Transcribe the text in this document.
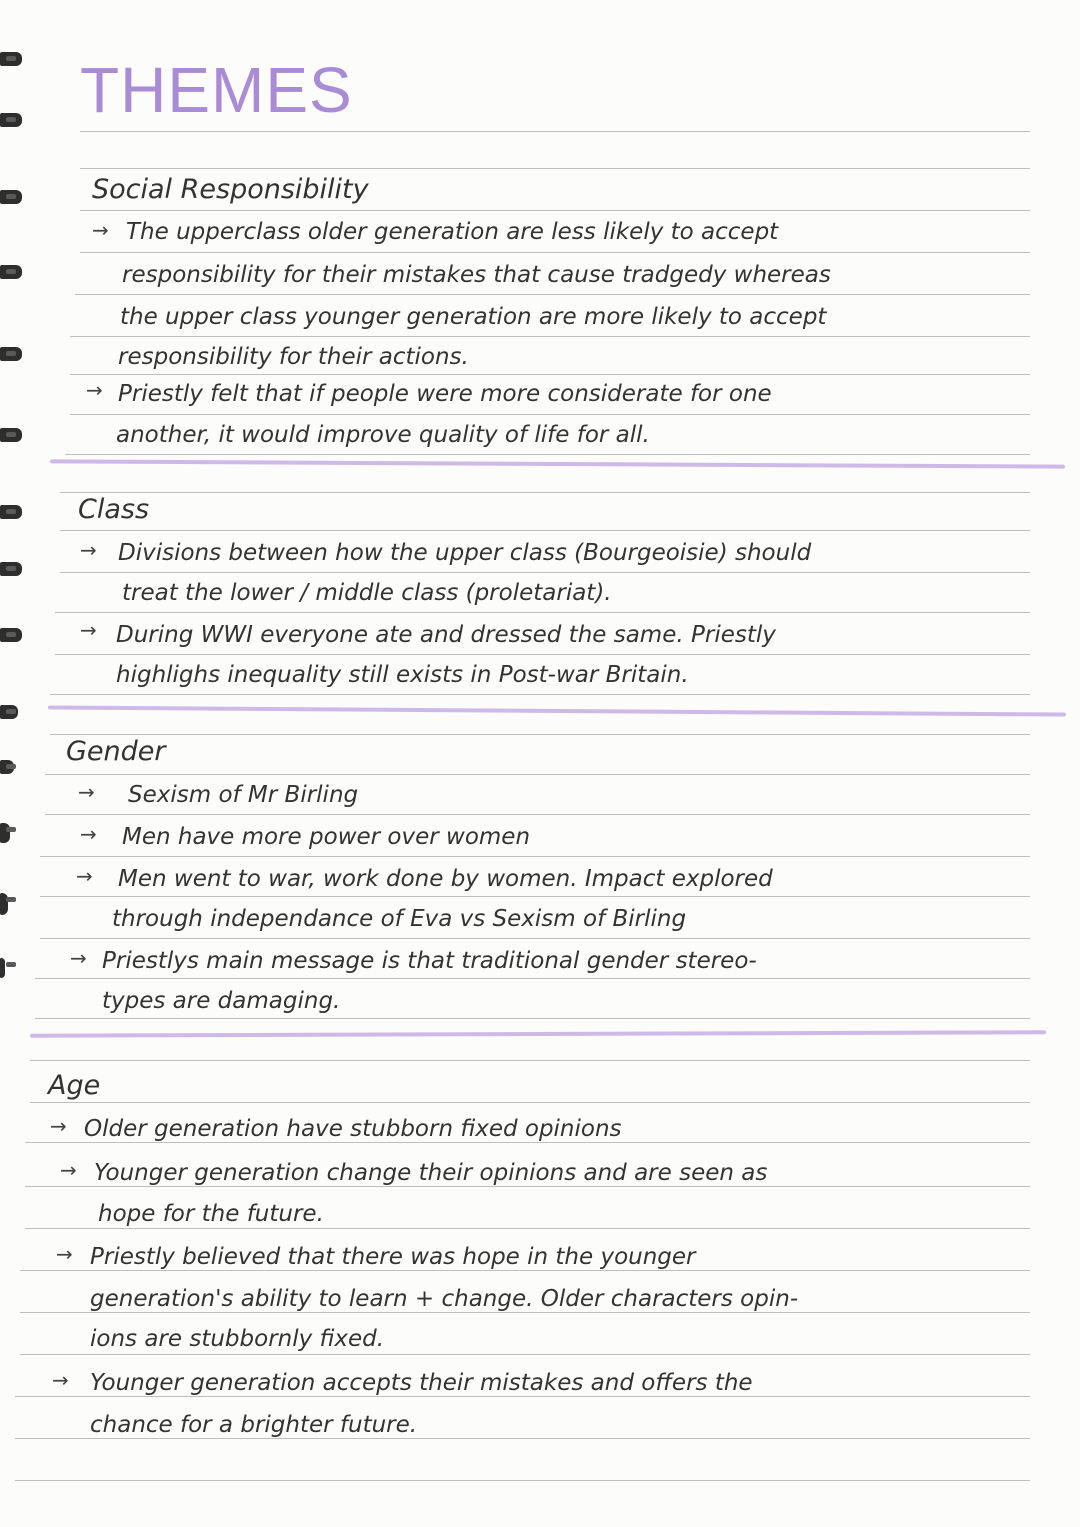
THEMES
Social Responsibility
→ The upperclass older generation are less likely to accept
responsibility for their mistakes that cause tradgedy whereas
the upper class younger generation are more likely to accept
responsibility for their actions.
→ Priestly felt that if people were more considerate for one
another, it would improve quality of life for all.
Class
→ Divisions between how the upper class (Bourgeoisie) should
treat the lower / middle class (proletariat).
→ During WWI everyone ate and dressed the same. Priestly
highlighs inequality still exists in Post-war Britain.
Gender
→ Sexism of Mr Birling
→ Men have more power over women
→ Men went to war, work done by women. Impact explored
through independance of Eva vs Sexism of Birling
→ Priestlys main message is that traditional gender stereo-
types are damaging.
Age
→ Older generation have stubborn fixed opinions
→ Younger generation change their opinions and are seen as
hope for the future.
→ Priestly believed that there was hope in the younger
generation's ability to learn + change. Older characters opin-
ions are stubbornly fixed.
→ Younger generation accepts their mistakes and offers the
chance for a brighter future.
